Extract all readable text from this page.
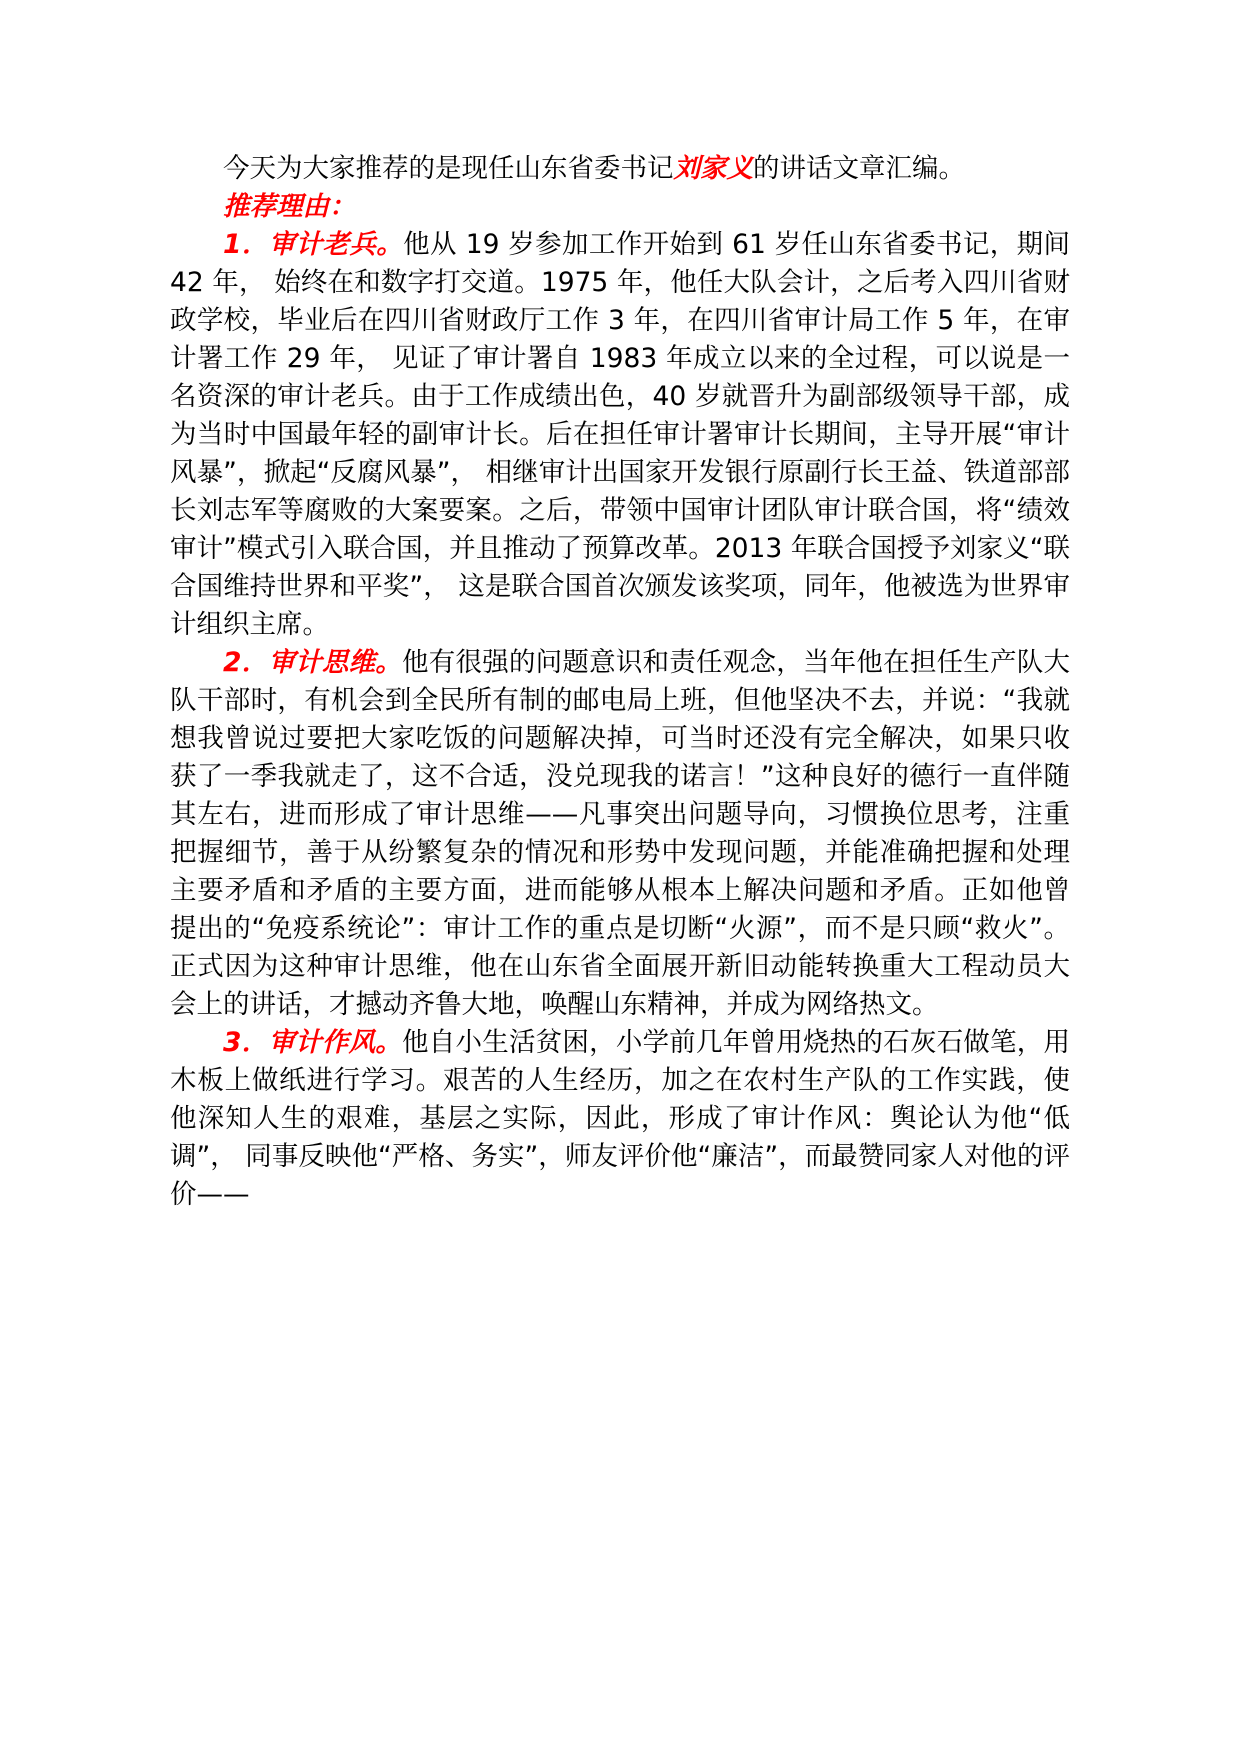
今天为大家推荐的是现任山东省委书记刘家义的讲话文章汇编。

推荐理由：

1．审计老兵。他从 19 岁参加工作开始到 61 岁任山东省委书记，期间 42 年， 始终在和数字打交道。1975 年，他任大队会计，之后考入四川省财政学校，毕业后在四川省财政厅工作 3 年，在四川省审计局工作 5 年，在审计署工作 29 年， 见证了审计署自 1983 年成立以来的全过程，可以说是一名资深的审计老兵。由于工作成绩出色，40 岁就晋升为副部级领导干部，成为当时中国最年轻的副审计长。后在担任审计署审计长期间，主导开展“审计风暴”，掀起“反腐风暴”， 相继审计出国家开发银行原副行长王益、铁道部部长刘志军等腐败的大案要案。之后，带领中国审计团队审计联合国，将“绩效审计”模式引入联合国，并且推动了预算改革。2013 年联合国授予刘家义“联合国维持世界和平奖”， 这是联合国首次颁发该奖项，同年，他被选为世界审计组织主席。

2．审计思维。他有很强的问题意识和责任观念，当年他在担任生产队大队干部时，有机会到全民所有制的邮电局上班，但他坚决不去，并说：“我就想我曾说过要把大家吃饭的问题解决掉，可当时还没有完全解决，如果只收获了一季我就走了，这不合适，没兑现我的诺言！”这种良好的德行一直伴随其左右，进而形成了审计思维——凡事突出问题导向，习惯换位思考，注重把握细节，善于从纷繁复杂的情况和形势中发现问题，并能准确把握和处理主要矛盾和矛盾的主要方面，进而能够从根本上解决问题和矛盾。正如他曾提出的“免疫系统论”：审计工作的重点是切断“火源”，而不是只顾“救火”。正式因为这种审计思维，他在山东省全面展开新旧动能转换重大工程动员大会上的讲话，才撼动齐鲁大地，唤醒山东精神，并成为网络热文。

3．审计作风。他自小生活贫困，小学前几年曾用烧热的石灰石做笔，用木板上做纸进行学习。艰苦的人生经历，加之在农村生产队的工作实践，使他深知人生的艰难，基层之实际，因此，形成了审计作风：舆论认为他“低调”， 同事反映他“严格、务实”，师友评价他“廉洁”，而最赞同家人对他的评价——
